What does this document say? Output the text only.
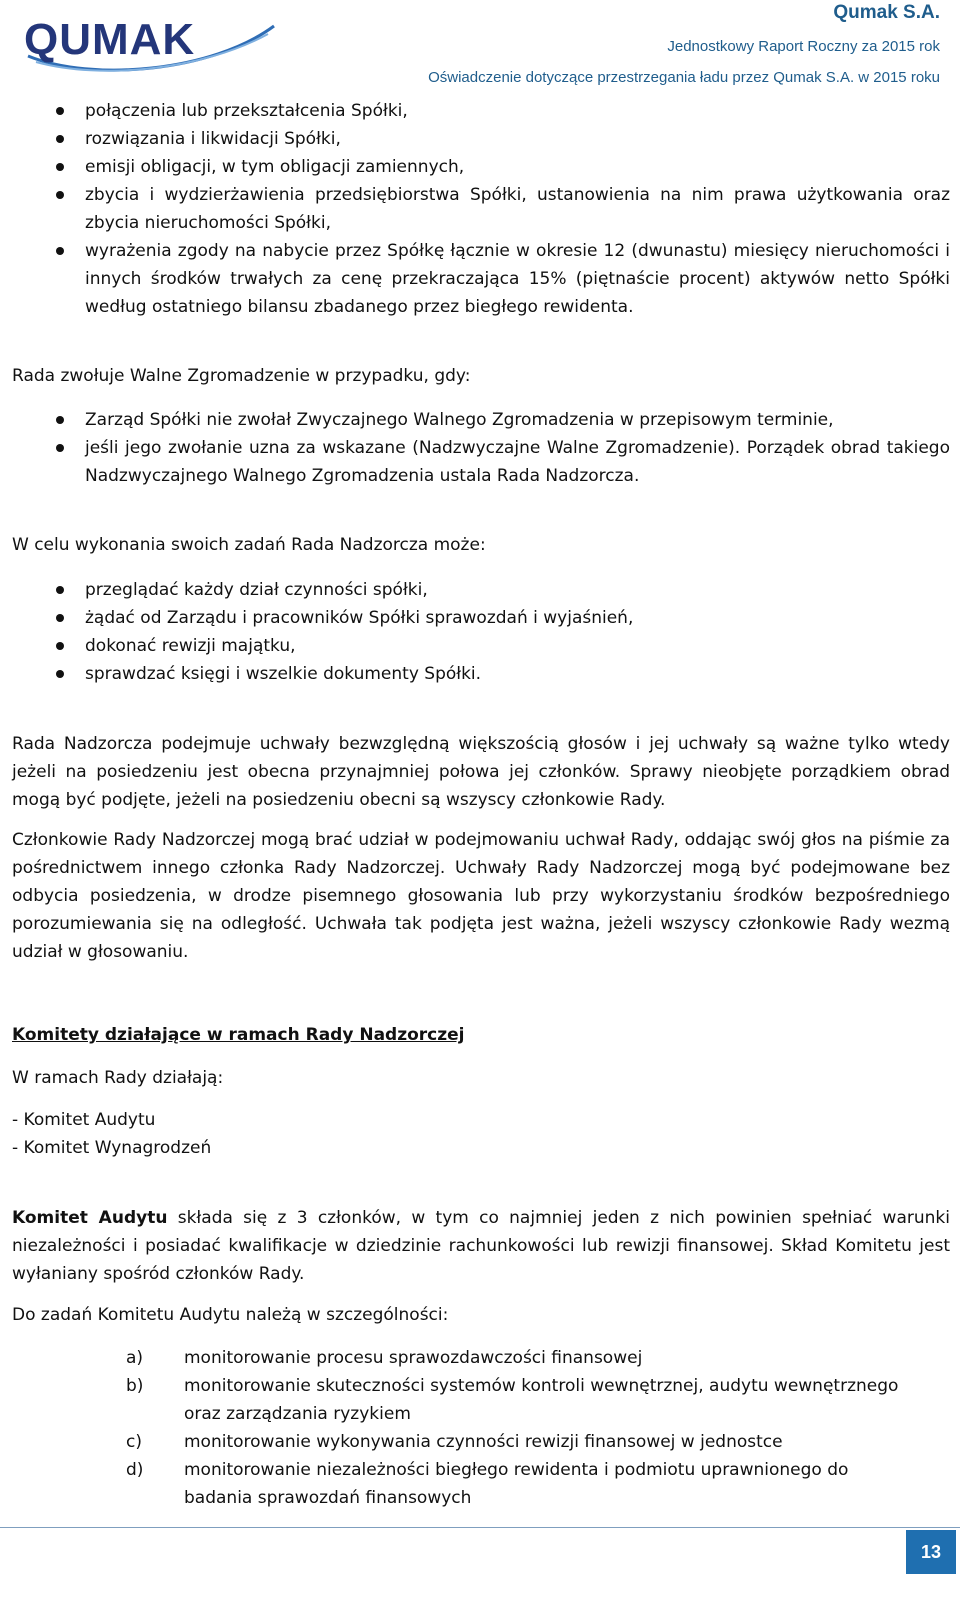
QUMAK
Qumak S.A.
Jednostkowy Raport Roczny za 2015 rok
Oświadczenie dotyczące przestrzegania ładu przez Qumak S.A. w 2015 roku
połączenia lub przekształcenia Spółki,
rozwiązania i likwidacji Spółki,
emisji obligacji, w tym obligacji zamiennych,
zbycia i wydzierżawienia przedsiębiorstwa Spółki, ustanowienia na nim prawa użytkowania oraz zbycia nieruchomości Spółki,
wyrażenia zgody na nabycie przez Spółkę łącznie w okresie 12 (dwunastu) miesięcy nieruchomości i innych środków trwałych za cenę przekraczająca 15% (piętnaście procent) aktywów netto Spółki według ostatniego bilansu zbadanego przez biegłego rewidenta.
Rada zwołuje Walne Zgromadzenie w przypadku, gdy:
Zarząd Spółki nie zwołał Zwyczajnego Walnego Zgromadzenia w przepisowym terminie,
jeśli jego zwołanie uzna za wskazane (Nadzwyczajne Walne Zgromadzenie). Porządek obrad takiego Nadzwyczajnego Walnego Zgromadzenia ustala Rada Nadzorcza.
W celu wykonania swoich zadań Rada Nadzorcza może:
przeglądać każdy dział czynności spółki,
żądać od Zarządu i pracowników Spółki sprawozdań i wyjaśnień,
dokonać rewizji majątku,
sprawdzać księgi i wszelkie dokumenty Spółki.
Rada Nadzorcza podejmuje uchwały bezwzględną większością głosów i jej uchwały są ważne tylko wtedy jeżeli na posiedzeniu jest obecna przynajmniej połowa jej członków. Sprawy nieobjęte porządkiem obrad mogą być podjęte, jeżeli na posiedzeniu obecni są wszyscy członkowie Rady.
Członkowie Rady Nadzorczej mogą brać udział w podejmowaniu uchwał Rady, oddając swój głos na piśmie za pośrednictwem innego członka Rady Nadzorczej. Uchwały Rady Nadzorczej mogą być podejmowane bez odbycia posiedzenia, w drodze pisemnego głosowania lub przy wykorzystaniu środków bezpośredniego porozumiewania się na odległość. Uchwała tak podjęta jest ważna, jeżeli wszyscy członkowie Rady wezmą udział w głosowaniu.
Komitety działające w ramach Rady Nadzorczej
W ramach Rady działają:
- Komitet Audytu
- Komitet Wynagrodzeń
Komitet Audytu składa się z 3 członków, w tym co najmniej jeden z nich powinien spełniać warunki niezależności i posiadać kwalifikacje w dziedzinie rachunkowości lub rewizji finansowej. Skład Komitetu jest wyłaniany spośród członków Rady.
Do zadań Komitetu Audytu należą w szczególności:
a) monitorowanie procesu sprawozdawczości finansowej
b) monitorowanie skuteczności systemów kontroli wewnętrznej, audytu wewnętrznego oraz zarządzania ryzykiem
c) monitorowanie wykonywania czynności rewizji finansowej w jednostce
d) monitorowanie niezależności biegłego rewidenta i podmiotu uprawnionego do badania sprawozdań finansowych
13
